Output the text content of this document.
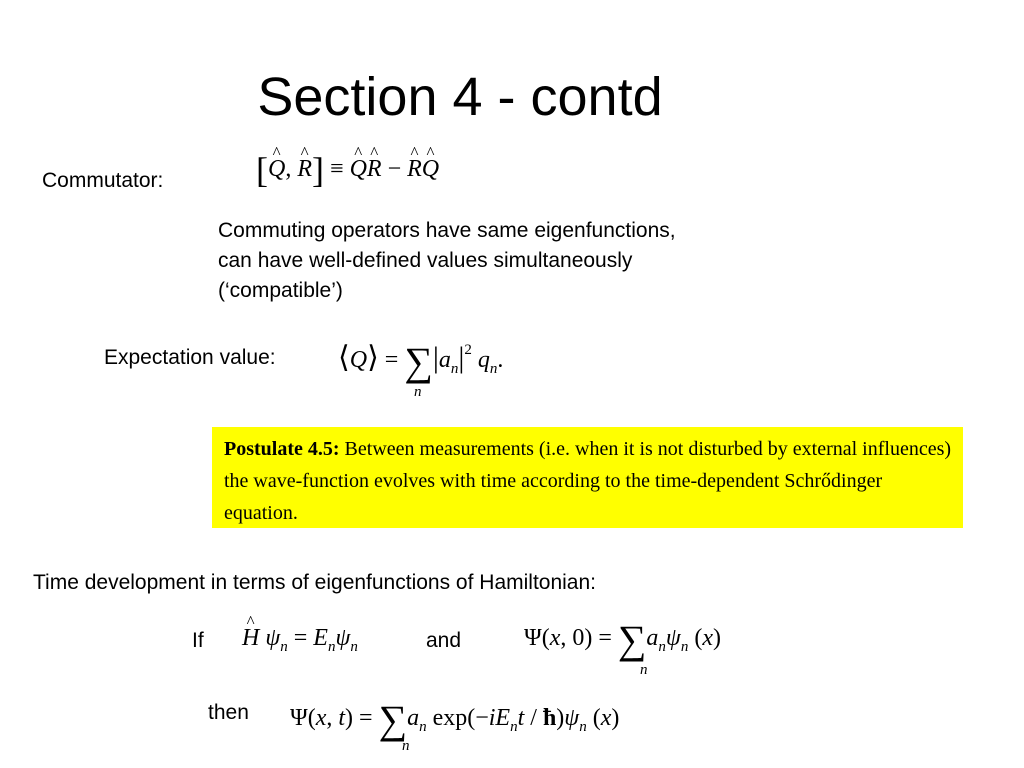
Section 4 - contd
Commutator:	[^ Q, ^ R] ≡ ^ Q^ R − ^ R^ Q
Commuting operators have same eigenfunctions,
can have well-defined values simultaneously
(‘compatible’)
Expectation value: ⟨Q⟩ = $\sum|a_n|^2$ $q_n$.
n
Postulate 4.5: Between measurements (i.e. when it is not disturbed by external influences) the wave-function evolves with time according to the time-dependent Schrődinger equation.
Time development in terms of eigenfunctions of Hamiltonian:
If
^ H $\psi_n = E_n\psi_n$	and	Ψ(x, $0) = \sum a_n\psi_n$ (x)
n
then Ψ(x, $t) = \sum a_n$ $\exp(-iE_nt$ / $ħ)\psi_n$ (x)
n
